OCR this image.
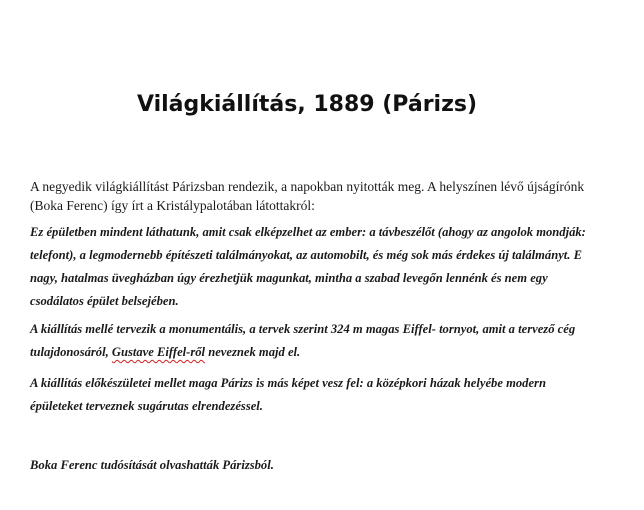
Világkiállítás, 1889 (Párizs)

A negyedik világkiállítást Párizsban rendezik, a napokban nyitották meg. A helyszínen lévő újságírónk (Boka Ferenc) így írt a Kristálypalotában látottakról:

Ez épületben mindent láthatunk, amit csak elképzelhet az ember: a távbeszélőt (ahogy az angolok mondják: telefont), a legmodernebb építészeti találmányokat, az automobilt, és még sok más érdekes új találmányt. E nagy, hatalmas üvegházban úgy érezhetjük magunkat, mintha a szabad levegőn lennénk és nem egy csodálatos épület belsejében.

A kiállítás mellé tervezik a monumentális, a tervek szerint 324 m magas Eiffel- tornyot, amit a tervező cég tulajdonosáról, Gustave Eiffel-ről neveznek majd el.

A kiállítás előkészületei mellet maga Párizs is más képet vesz fel: a középkori házak helyébe modern épületeket terveznek sugárutas elrendezéssel.

Boka Ferenc tudósítását olvashatták Párizsból.
